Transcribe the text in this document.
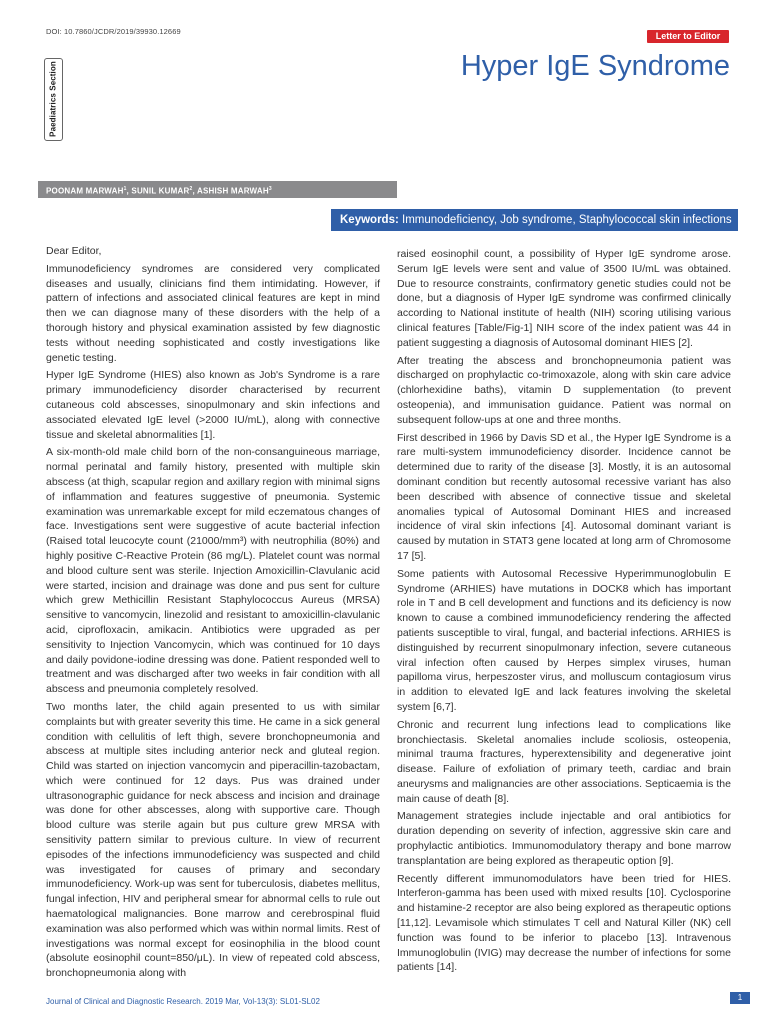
DOI: 10.7860/JCDR/2019/39930.12669	Letter to Editor
Hyper IgE Syndrome
Paediatrics Section
POONAM MARWAH$^1$, SUNIL KUMAR$^2$, ASHISH MARWAH$^3$
Keywords: Immunodeficiency, Job syndrome, Staphylococcal skin infections

Dear Editor,

Immunodeficiency syndromes are considered very complicated diseases and usually, clinicians find them intimidating. However, if pattern of infections and associated clinical features are kept in mind then we can diagnose many of these disorders with the help of a thorough history and physical examination assisted by few diagnostic tests without needing sophisticated and costly investigations like genetic testing.

Hyper IgE Syndrome (HIES) also known as Job's Syndrome is a rare primary immunodeficiency disorder characterised by recurrent cutaneous cold abscesses, sinopulmonary and skin infections and associated elevated IgE level (>2000 IU/mL), along with connective tissue and skeletal abnormalities [1].

A six-month-old male child born of the non-consanguineous marriage, normal perinatal and family history, presented with multiple skin abscess (at thigh, scapular region and axillary region with minimal signs of inflammation and features suggestive of pneumonia. Systemic examination was unremarkable except for mild eczematous changes of face. Investigations sent were suggestive of acute bacterial infection (Raised total leucocyte count (21000/mm³) with neutrophilia (80%) and highly positive C-Reactive Protein (86 mg/L). Platelet count was normal and blood culture sent was sterile. Injection Amoxicillin-Clavulanic acid were started, incision and drainage was done and pus sent for culture which grew Methicillin Resistant Staphylococcus Aureus (MRSA) sensitive to vancomycin, linezolid and resistant to amoxicillin-clavulanic acid, ciprofloxacin, amikacin. Antibiotics were upgraded as per sensitivity to Injection Vancomycin, which was continued for 10 days and daily povidone-iodine dressing was done. Patient responded well to treatment and was discharged after two weeks in fair condition with all abscess and pneumonia completely resolved.

Two months later, the child again presented to us with similar complaints but with greater severity this time. He came in a sick general condition with cellulitis of left thigh, severe bronchopneumonia and abscess at multiple sites including anterior neck and gluteal region. Child was started on injection vancomycin and piperacillin-tazobactam, which were continued for 12 days. Pus was drained under ultrasonographic guidance for neck abscess and incision and drainage was done for other abscesses, along with supportive care. Though blood culture was sterile again but pus culture grew MRSA with sensitivity pattern similar to previous culture. In view of recurrent episodes of the infections immunodeficiency was suspected and child was investigated for causes of primary and secondary immunodeficiency. Work-up was sent for tuberculosis, diabetes mellitus, fungal infection, HIV and peripheral smear for abnormal cells to rule out haematological malignancies. Bone marrow and cerebrospinal fluid examination was also performed which was within normal limits. Rest of investigations was normal except for eosinophilia in the blood count (absolute eosinophil count=850/μL). In view of repeated cold abscess, bronchopneumonia along with

raised eosinophil count, a possibility of Hyper IgE syndrome arose. Serum IgE levels were sent and value of 3500 IU/mL was obtained. Due to resource constraints, confirmatory genetic studies could not be done, but a diagnosis of Hyper IgE syndrome was confirmed clinically according to National institute of health (NIH) scoring utilising various clinical features [Table/Fig-1] NIH score of the index patient was 44 in patient suggesting a diagnosis of Autosomal dominant HIES [2].

After treating the abscess and bronchopneumonia patient was discharged on prophylactic co-trimoxazole, along with skin care advice (chlorhexidine baths), vitamin D supplementation (to prevent osteopenia), and immunisation guidance. Patient was normal on subsequent follow-ups at one and three months.

First described in 1966 by Davis SD et al., the Hyper IgE Syndrome is a rare multi-system immunodeficiency disorder. Incidence cannot be determined due to rarity of the disease [3]. Mostly, it is an autosomal dominant condition but recently autosomal recessive variant has also been described with absence of connective tissue and skeletal anomalies typical of Autosomal Dominant HIES and increased incidence of viral skin infections [4]. Autosomal dominant variant is caused by mutation in STAT3 gene located at long arm of Chromosome 17 [5].

Some patients with Autosomal Recessive Hyperimmunoglobulin E Syndrome (ARHIES) have mutations in DOCK8 which has important role in T and B cell development and functions and its deficiency is now known to cause a combined immunodeficiency rendering the affected patients susceptible to viral, fungal, and bacterial infections. ARHIES is distinguished by recurrent sinopulmonary infection, severe cutaneous viral infection often caused by Herpes simplex viruses, human papilloma virus, herpeszoster virus, and molluscum contagiosum virus in addition to elevated IgE and lack features involving the skeletal system [6,7].

Chronic and recurrent lung infections lead to complications like bronchiectasis. Skeletal anomalies include scoliosis, osteopenia, minimal trauma fractures, hyperextensibility and degenerative joint disease. Failure of exfoliation of primary teeth, cardiac and brain aneurysms and malignancies are other associations. Septicaemia is the main cause of death [8].

Management strategies include injectable and oral antibiotics for duration depending on severity of infection, aggressive skin care and prophylactic antibiotics. Immunomodulatory therapy and bone marrow transplantation are being explored as therapeutic option [9].

Recently different immunomodulators have been tried for HIES. Interferon-gamma has been used with mixed results [10]. Cyclosporine and histamine-2 receptor are also being explored as therapeutic options [11,12]. Levamisole which stimulates T cell and Natural Killer (NK) cell function was found to be inferior to placebo [13]. Intravenous Immunoglobulin (IVIG) may decrease the number of infections for some patients [14].

Journal of Clinical and Diagnostic Research. 2019 Mar, Vol-13(3): SL01-SL02	1
